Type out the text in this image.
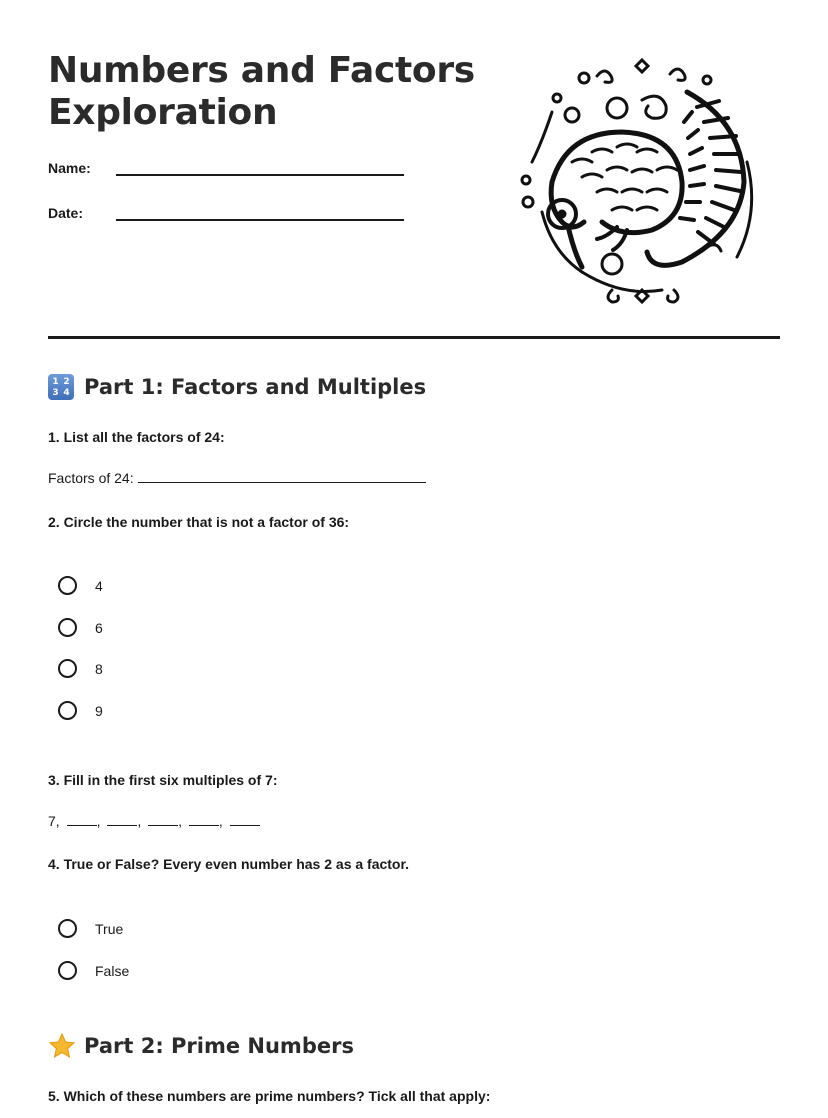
Numbers and Factors
Exploration
Name:
Date:
1 2
3 4 Part 1: Factors and Multiples

1. List all the factors of 24:

Factors of 24:

2. Circle the number that is not a factor of 36:

4
6
8
9

3. Fill in the first six multiples of 7:

7,	, , , ,

4. True or False? Every even number has 2 as a factor.

True
False
Part 2: Prime Numbers

5. Which of these numbers are prime numbers? Tick all that apply:
